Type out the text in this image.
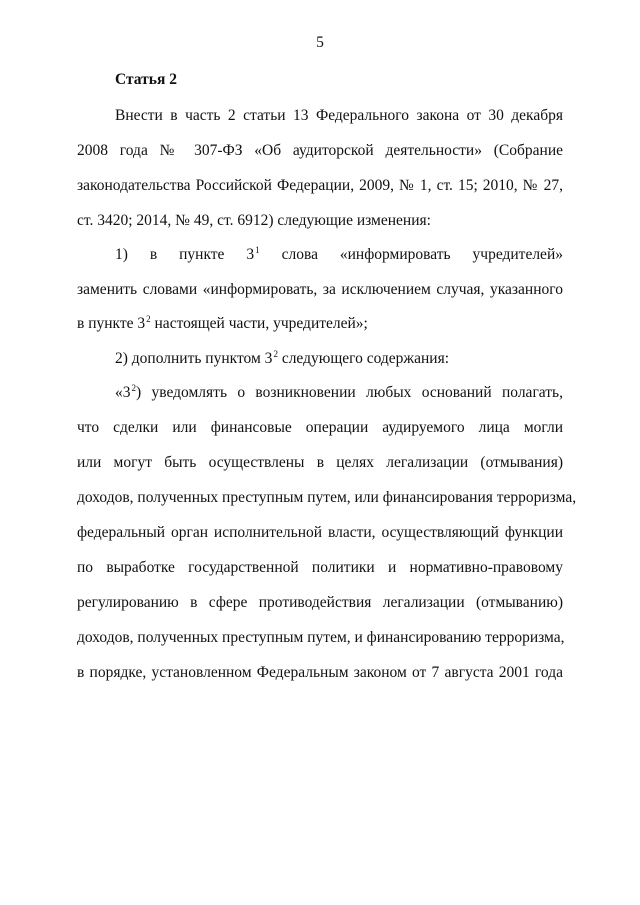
5
Статья 2
Внести в часть 2 статьи 13 Федерального закона от 30 декабря
2008 года № 307-ФЗ «Об аудиторской деятельности» (Собрание
законодательства Российской Федерации, 2009, № 1, ст. 15; 2010, № 27,
ст. 3420; 2014, № 49, ст. 6912) следующие изменения:
1) в пункте $3^1$ слова «информировать учредителей»
заменить словами «информировать, за исключением случая, указанного
в пункте $3^2$ настоящей части, учредителей»;
2) дополнить пунктом $3^2$ следующего содержания:
«$3^2$) уведомлять о возникновении любых оснований полагать,
что сделки или финансовые операции аудируемого лица могли
или могут быть осуществлены в целях легализации (отмывания)
доходов, полученных преступным путем, или финансирования терроризма,
федеральный орган исполнительной власти, осуществляющий функции
по выработке государственной политики и нормативно-правовому
регулированию в сфере противодействия легализации (отмыванию)
доходов, полученных преступным путем, и финансированию терроризма,
в порядке, установленном Федеральным законом от 7 августа 2001 года
